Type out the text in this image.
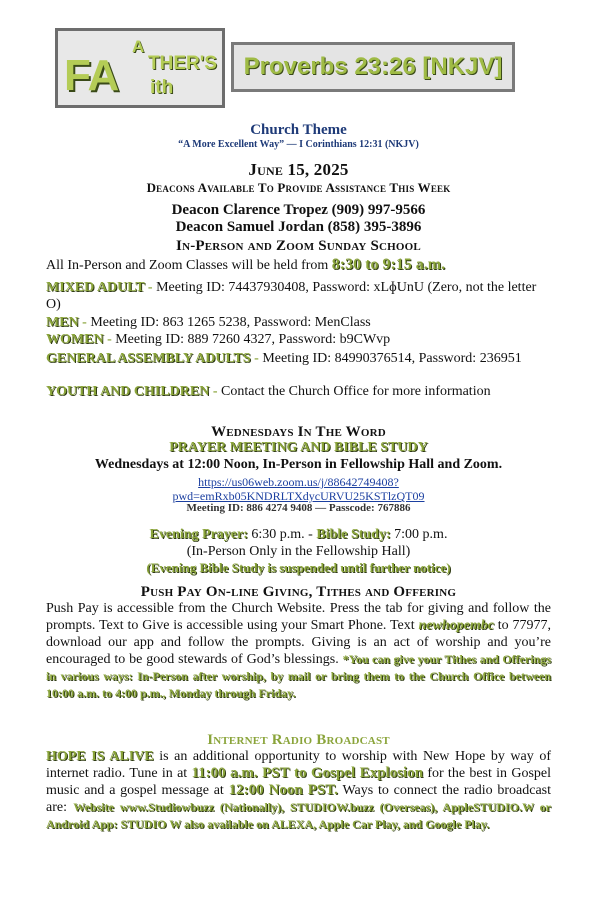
A
FA THER'S
ith
Proverbs 23:26 [NKJV]
Church Theme
“A More Excellent Way” — I Corinthians 12:31 (NKJV)
June 15, 2025
Deacons Available To Provide Assistance This Week
Deacon Clarence Tropez (909) 997-9566
Deacon Samuel Jordan (858) 395-3896
In-Person and Zoom Sunday School
All In-Person and Zoom Classes will be held from 8:30 to 9:15 a.m.
MIXED ADULT - Meeting ID: 74437930408, Password: xLɸUnU (Zero, not the letter O)
MEN - Meeting ID: 863 1265 5238, Password: MenClass
WOMEN - Meeting ID: 889 7260 4327, Password: b9CWvp
GENERAL ASSEMBLY ADULTS - Meeting ID: 84990376514, Password: 236951
YOUTH AND CHILDREN - Contact the Church Office for more information
Wednesdays In The Word
PRAYER MEETING AND BIBLE STUDY
Wednesdays at 12:00 Noon, In-Person in Fellowship Hall and Zoom.
https://us06web.zoom.us/j/88642749408?
pwd=emRxb05KNDRLTXdycURVU25KSTlzQT09
Meeting ID: 886 4274 9408 — Passcode: 767886
Evening Prayer: 6:30 p.m. - Bible Study: 7:00 p.m.
(In-Person Only in the Fellowship Hall)
(Evening Bible Study is suspended until further notice)
Push Pay On-line Giving, Tithes and Offering
Push Pay is accessible from the Church Website. Press the tab for giving and follow the prompts. Text to Give is accessible using your Smart Phone. Text newhopembc to 77977, download our app and follow the prompts. Giving is an act of worship and you’re encouraged to be good stewards of God’s blessings. *You can give your Tithes and Offerings in various ways: In-Person after worship, by mail or bring them to the Church Office between 10:00 a.m. to 4:00 p.m., Monday through Friday.
Internet Radio Broadcast
HOPE IS ALIVE is an additional opportunity to worship with New Hope by way of internet radio. Tune in at 11:00 a.m. PST to Gospel Explosion for the best in Gospel music and a gospel message at 12:00 Noon PST. Ways to connect the radio broadcast are: Website www.Studiowbuzz (Nationally), STUDIOW.buzz (Overseas), AppleSTUDIO.W or Android App: STUDIO W also available on ALEXA, Apple Car Play, and Google Play.
